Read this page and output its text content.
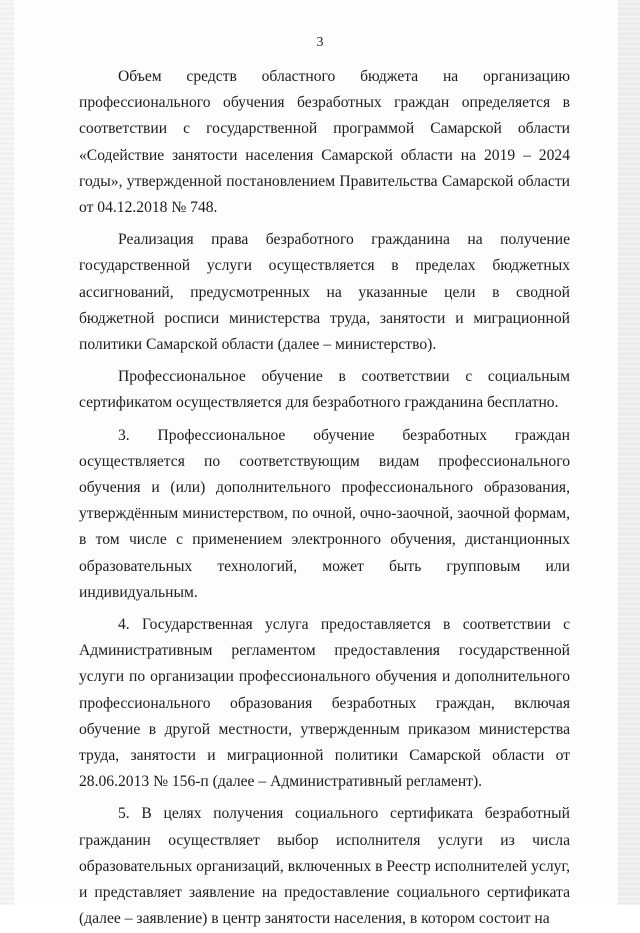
3

Объем средств областного бюджета на организацию профессионального обучения безработных граждан определяется в соответствии с государственной программой Самарской области «Содействие занятости населения Самарской области на 2019 – 2024 годы», утвержденной постановлением Правительства Самарской области от 04.12.2018 № 748.

Реализация права безработного гражданина на получение государственной услуги осуществляется в пределах бюджетных ассигнований, предусмотренных на указанные цели в сводной бюджетной росписи министерства труда, занятости и миграционной политики Самарской области (далее – министерство).

Профессиональное обучение в соответствии с социальным сертификатом осуществляется для безработного гражданина бесплатно.

3. Профессиональное обучение безработных граждан осуществляется по соответствующим видам профессионального обучения и (или) дополнительного профессионального образования, утверждённым министерством, по очной, очно-заочной, заочной формам, в том числе с применением электронного обучения, дистанционных образовательных технологий, может быть групповым или индивидуальным.

4. Государственная услуга предоставляется в соответствии с Административным регламентом предоставления государственной услуги по организации профессионального обучения и дополнительного профессионального образования безработных граждан, включая обучение в другой местности, утвержденным приказом министерства труда, занятости и миграционной политики Самарской области от 28.06.2013 № 156-п (далее – Административный регламент).

5. В целях получения социального сертификата безработный гражданин осуществляет выбор исполнителя услуги из числа образовательных организаций, включенных в Реестр исполнителей услуг, и представляет заявление на предоставление социального сертификата (далее – заявление) в центр занятости населения, в котором состоит на
